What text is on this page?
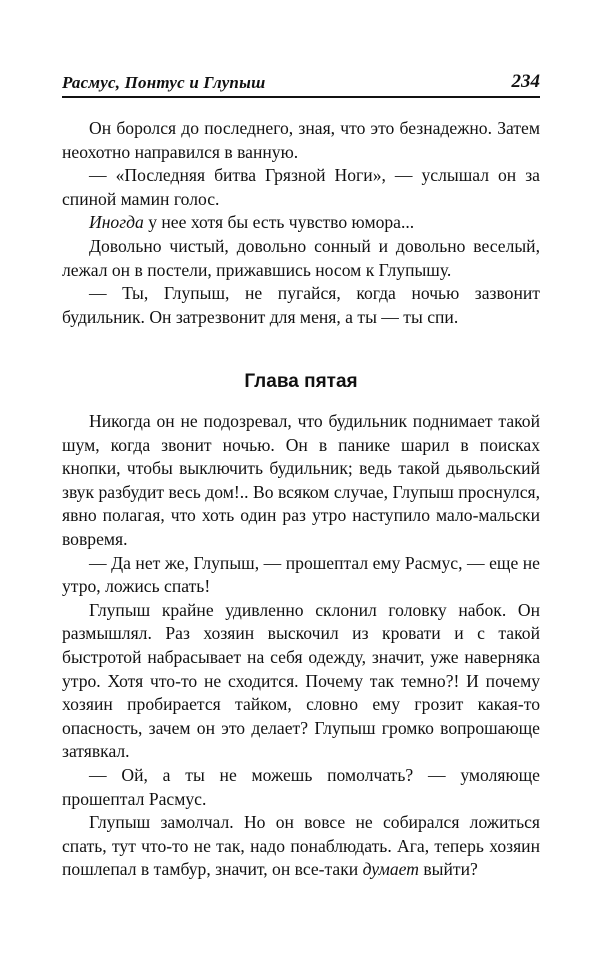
Расмус, Понтус и Глупыш	234

Он боролся до последнего, зная, что это безнадежно. Затем неохотно направился в ванную.

— «Последняя битва Грязной Ноги», — услышал он за спиной мамин голос.

Иногда у нее хотя бы есть чувство юмора...

Довольно чистый, довольно сонный и довольно веселый, лежал он в постели, прижавшись носом к Глупышу.

— Ты, Глупыш, не пугайся, когда ночью зазвонит будильник. Он затрезвонит для меня, а ты — ты спи.

Глава пятая

Никогда он не подозревал, что будильник поднимает такой шум, когда звонит ночью. Он в панике шарил в поисках кнопки, чтобы выключить будильник; ведь такой дьявольский звук разбудит весь дом!.. Во всяком случае, Глупыш проснулся, явно полагая, что хоть один раз утро наступило мало-мальски вовремя.

— Да нет же, Глупыш, — прошептал ему Расмус, — еще не утро, ложись спать!

Глупыш крайне удивленно склонил головку набок. Он размышлял. Раз хозяин выскочил из кровати и с такой быстротой набрасывает на себя одежду, значит, уже наверняка утро. Хотя что-то не сходится. Почему так темно?! И почему хозяин пробирается тайком, словно ему грозит какая-то опасность, зачем он это делает? Глупыш громко вопрошающе затявкал.

— Ой, а ты не можешь помолчать? — умоляюще прошептал Расмус.

Глупыш замолчал. Но он вовсе не собирался ложиться спать, тут что-то не так, надо понаблюдать. Ага, теперь хозяин пошлепал в тамбур, значит, он все-таки думает выйти?
